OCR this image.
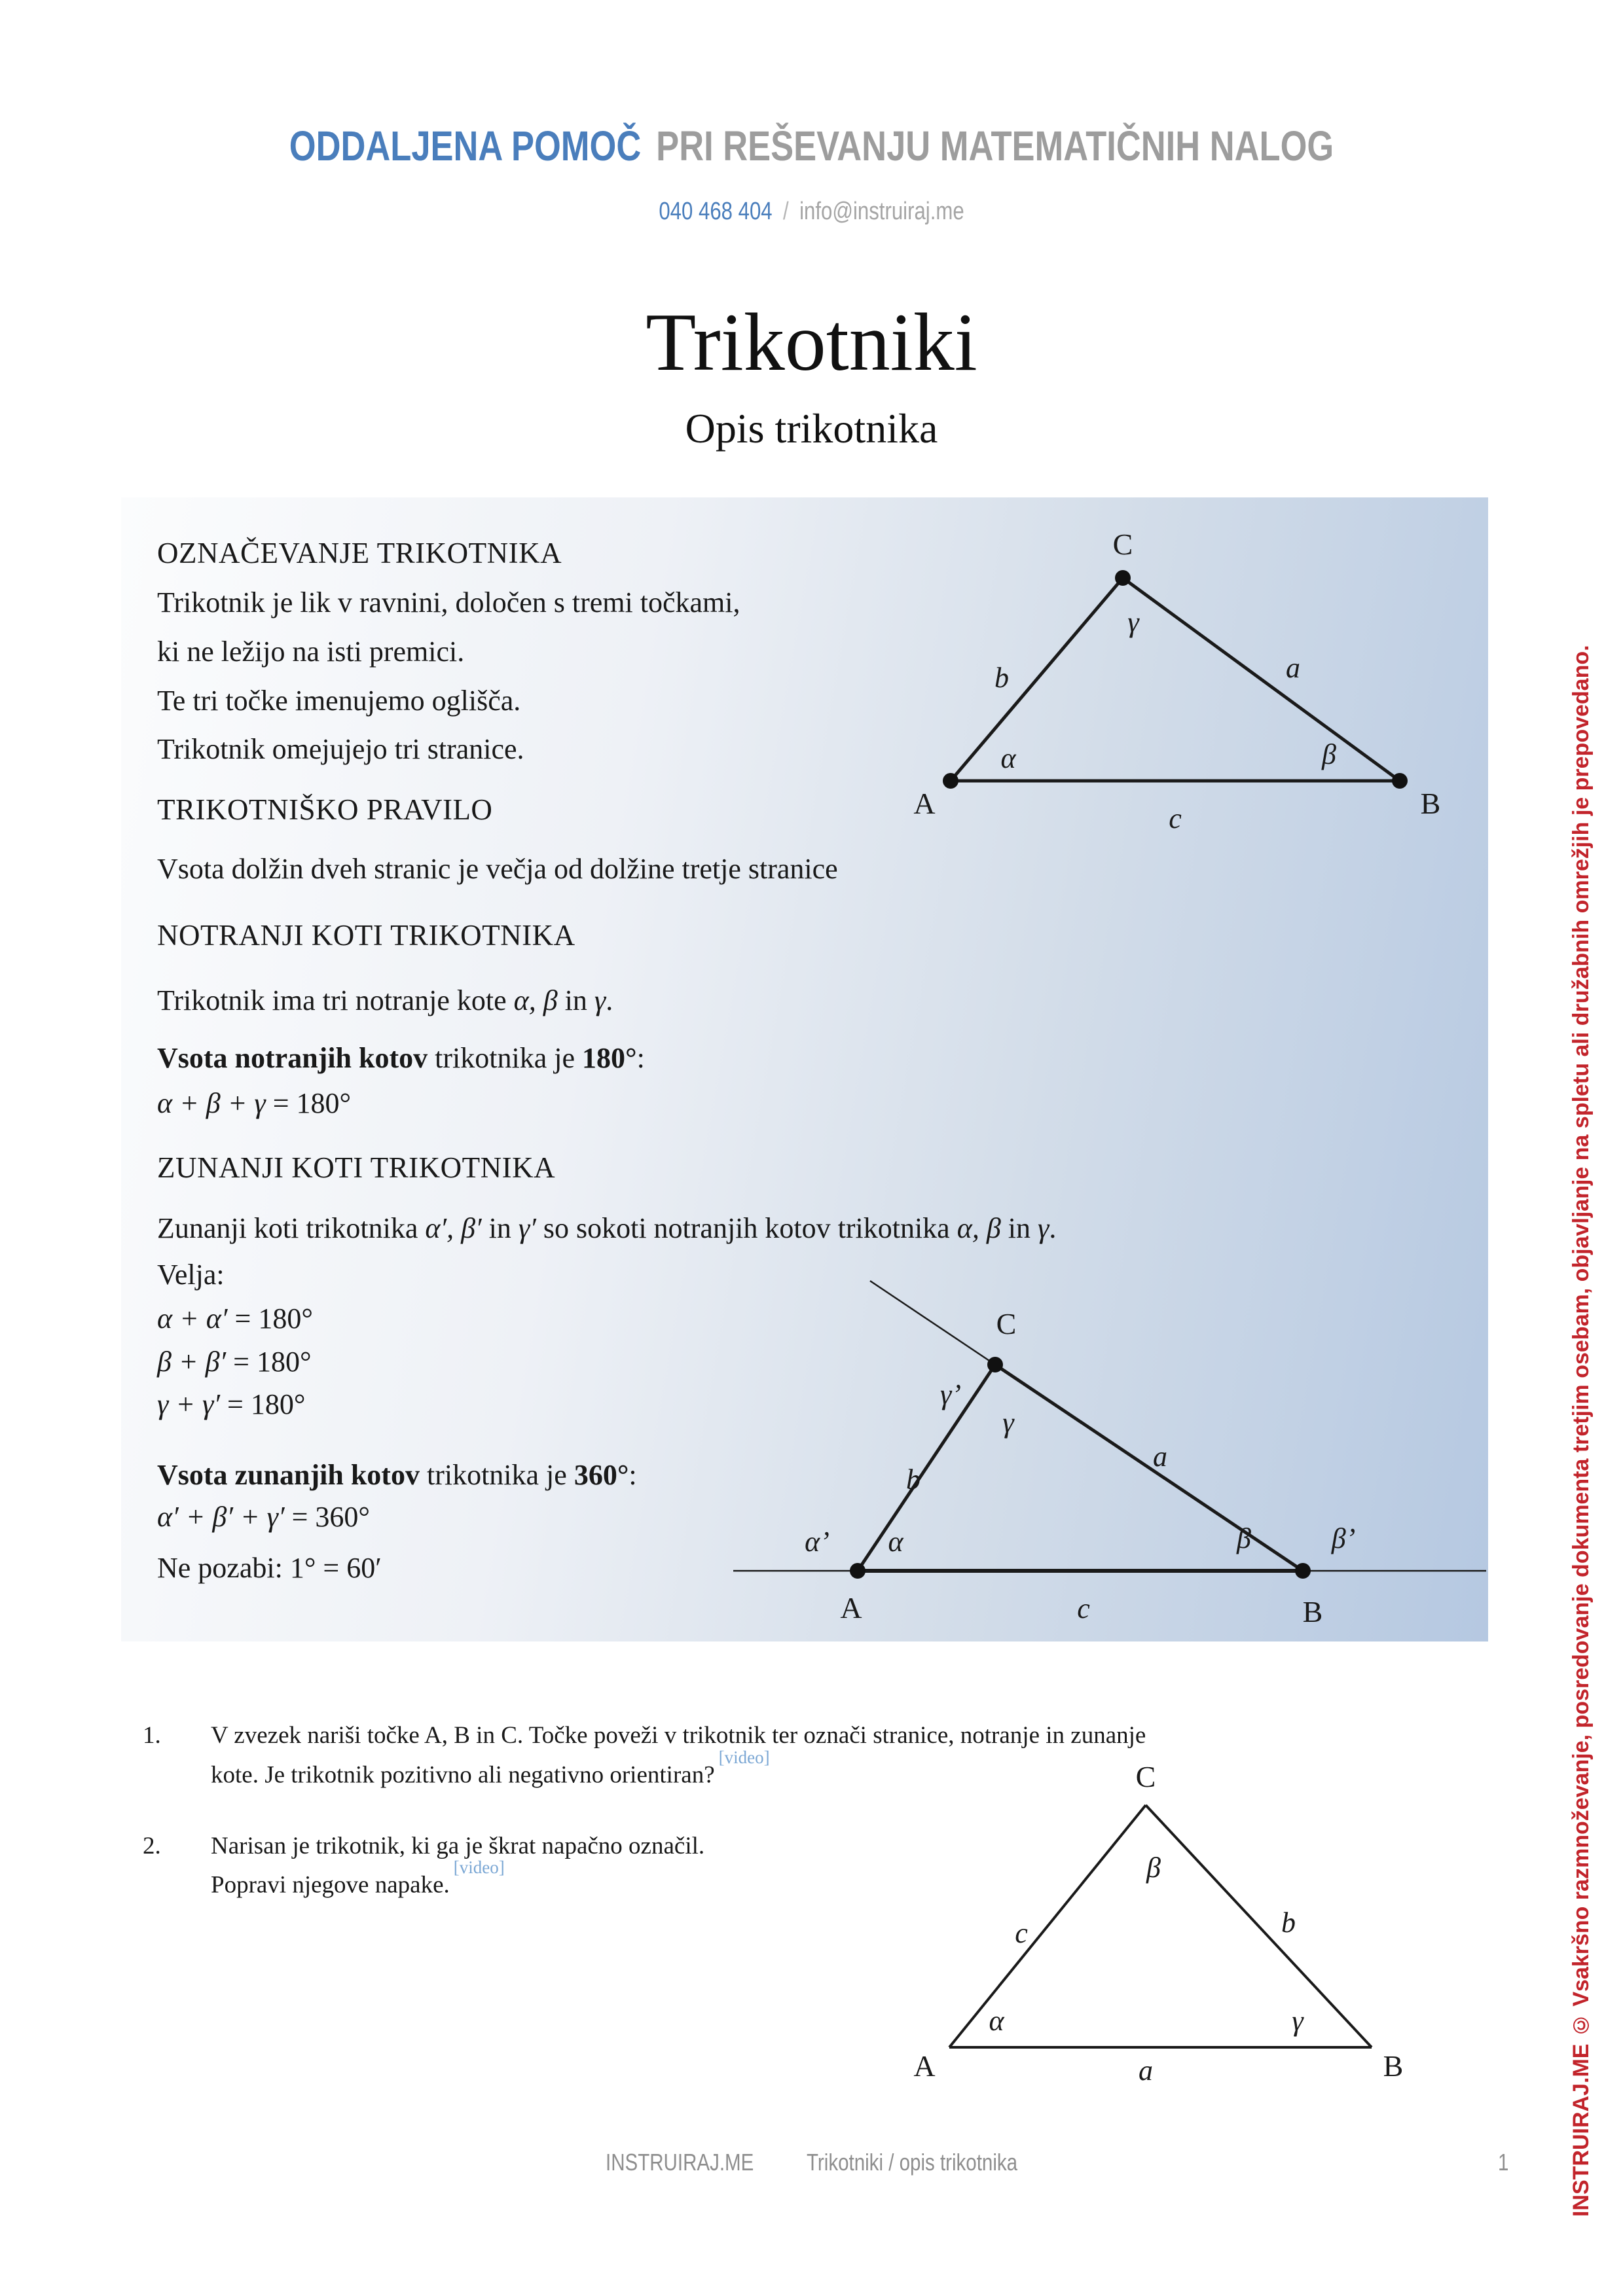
ODDALJENA POMOČ PRI REŠEVANJU MATEMATIČNIH NALOG
040 468 404 / info@instruiraj.me
Trikotniki
Opis trikotnika
OZNAČEVANJE TRIKOTNIKA
Trikotnik je lik v ravnini, določen s tremi točkami,
ki ne ležijo na isti premici.
Te tri točke imenujemo oglišča.
Trikotnik omejujejo tri stranice.
TRIKOTNIŠKO PRAVILO
Vsota dolžin dveh stranic je večja od dolžine tretje stranice
NOTRANJI KOTI TRIKOTNIKA
Trikotnik ima tri notranje kote α, β in γ.
Vsota notranjih kotov trikotnika je 180°:
α + β + γ = 180°
ZUNANJI KOTI TRIKOTNIKA
Zunanji koti trikotnika α′, β′ in γ′ so sokoti notranjih kotov trikotnika α, β in γ.
Velja:
α + α′ = 180°
β + β′ = 180°
γ + γ′ = 180°
Vsota zunanjih kotov trikotnika je 360°:
α′ + β′ + γ′ = 360°
Ne pozabi: 1° = 60′
C
γ
b	a
α	β
A	B
c
C
γ’
γ
b
a
α’ α	β	β’
A	c	B
1. V zvezek nariši točke A, B in C. Točke poveži v trikotnik ter označi stranice, notranje in zunanje
kote. Je trikotnik pozitivno ali negativno orientiran?[video]
2. Narisan je trikotnik, ki ga je škrat napačno označil.
Popravi njegove napake.[video]
C
β
c	b
α	γ
A	a	B	INSTRUIRAJ.ME © Vsakršno razmnoževanje, posredovanje dokumenta tretjim osebam, objavljanje na spletu ali družabnih omrežjih je prepovedano.
INSTRUIRAJ.ME Trikotniki / opis trikotnika	1
